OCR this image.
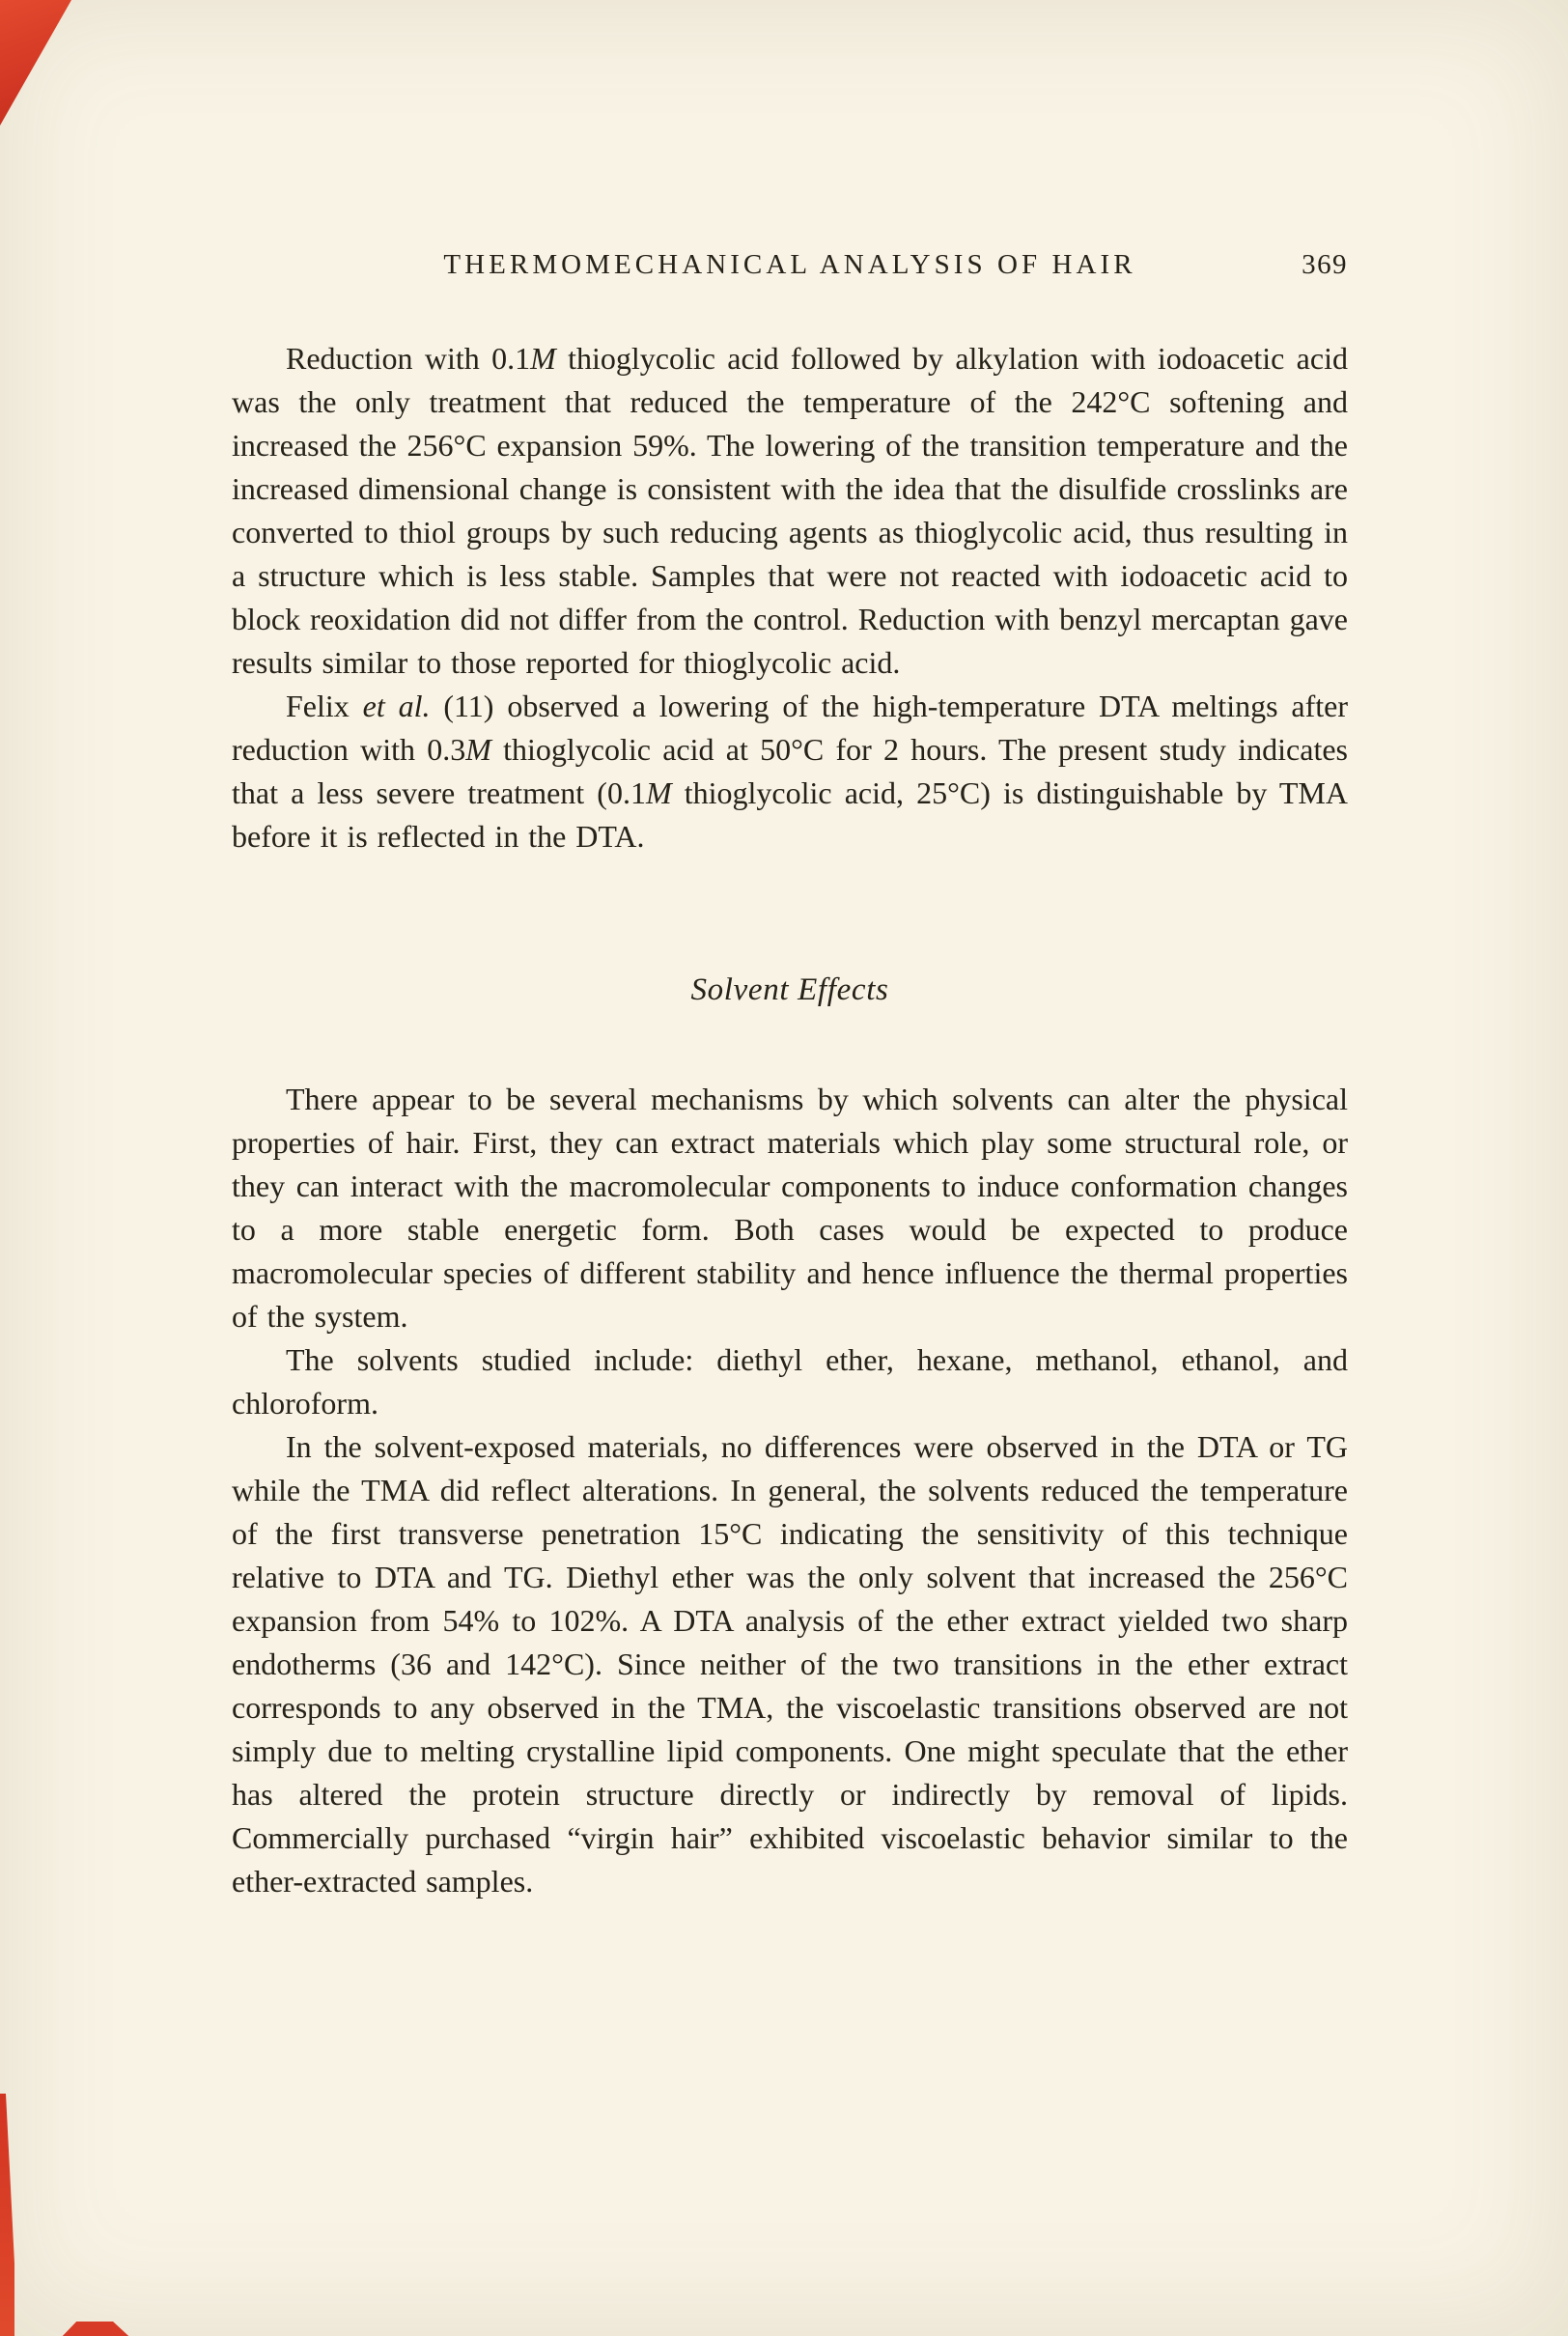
THERMOMECHANICAL ANALYSIS OF HAIR	369

Reduction with 0.1M thioglycolic acid followed by alkylation with iodoacetic acid was the only treatment that reduced the temperature of the 242°C softening and increased the 256°C expansion 59%. The lowering of the transition temperature and the increased dimensional change is consistent with the idea that the disulfide crosslinks are converted to thiol groups by such reducing agents as thioglycolic acid, thus resulting in a structure which is less stable. Samples that were not reacted with iodoacetic acid to block reoxidation did not differ from the control. Reduction with benzyl mercaptan gave results similar to those reported for thioglycolic acid.

Felix et al. (11) observed a lowering of the high-temperature DTA meltings after reduction with 0.3M thioglycolic acid at 50°C for 2 hours. The present study indicates that a less severe treatment (0.1M thioglycolic acid, 25°C) is distinguishable by TMA before it is reflected in the DTA.

Solvent Effects

There appear to be several mechanisms by which solvents can alter the physical properties of hair. First, they can extract materials which play some structural role, or they can interact with the macromolecular components to induce conformation changes to a more stable energetic form. Both cases would be expected to produce macromolecular species of different stability and hence influence the thermal properties of the system.

The solvents studied include: diethyl ether, hexane, methanol, ethanol, and chloroform.

In the solvent-exposed materials, no differences were observed in the DTA or TG while the TMA did reflect alterations. In general, the solvents reduced the temperature of the first transverse penetration 15°C indicating the sensitivity of this technique relative to DTA and TG. Diethyl ether was the only solvent that increased the 256°C expansion from 54% to 102%. A DTA analysis of the ether extract yielded two sharp endotherms (36 and 142°C). Since neither of the two transitions in the ether extract corresponds to any observed in the TMA, the viscoelastic transitions observed are not simply due to melting crystalline lipid components. One might speculate that the ether has altered the protein structure directly or indirectly by removal of lipids. Commercially purchased “virgin hair” exhibited viscoelastic behavior similar to the ether-extracted samples.
